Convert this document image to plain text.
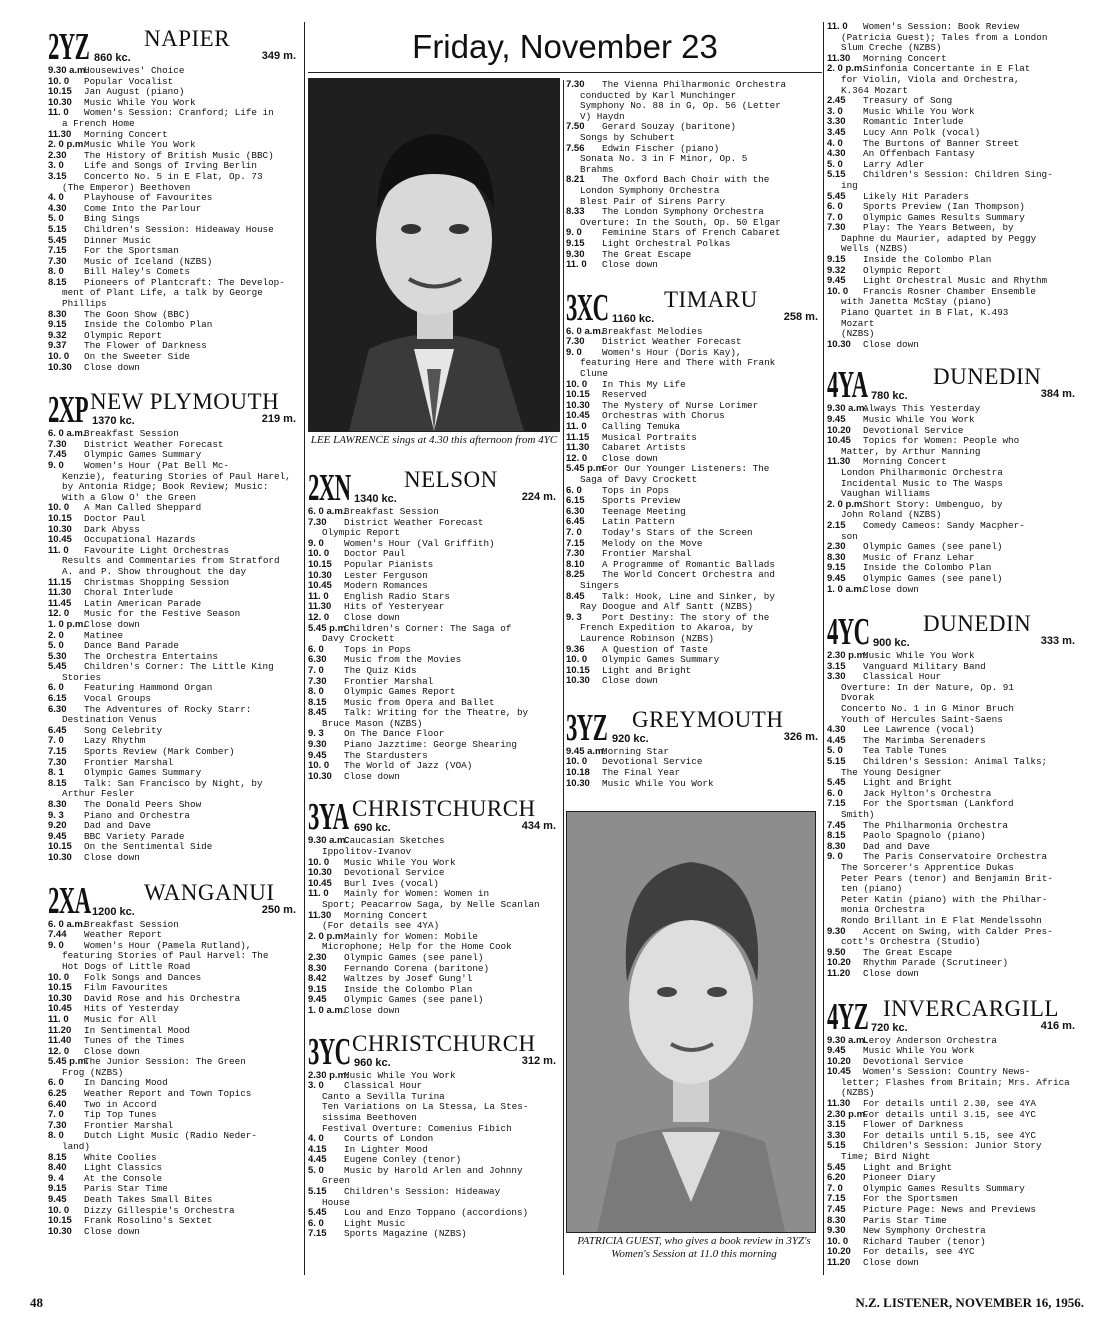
2YZ 860 kc.
NAPIER
349 m.
9.30 a.m.Housewives' Choice
10. 0 Popular Vocalist
10.15 Jan August (piano)
10.30 Music While You Work
11. 0 Women's Session: Cranford; Life in
a French Home
11.30 Morning Concert
2. 0 p.m.Music While You Work
2.30 The History of British Music (BBC)
3. 0 Life and Songs of Irving Berlin
3.15 Concerto No. 5 in E Flat, Op. 73
(The Emperor) Beethoven
4. 0 Playhouse of Favourites
4.30 Come Into the Parlour
5. 0 Bing Sings
5.15 Children's Session: Hideaway House
5.45 Dinner Music
7.15 For the Sportsman
7.30 Music of Iceland (NZBS)
8. 0 Bill Haley's Comets
8.15 Pioneers of Plantcraft: The Develop-
ment of Plant Life, a talk by George
Phillips
8.30 The Goon Show (BBC)
9.15 Inside the Colombo Plan
9.32 Olympic Report
9.37 The Flower of Darkness
10. 0 On the Sweeter Side
10.30 Close down
2XP 1370 kc.
NEW PLYMOUTH
219 m.
6. 0 a.m.Breakfast Session
7.30 District Weather Forecast
7.45 Olympic Games Summary
9. 0 Women's Hour (Pat Bell Mc-
Kenzie), featuring Stories of Paul Harel,
by Antonia Ridge; Book Review; Music:
With a Glow O' the Green
10. 0 A Man Called Sheppard
10.15 Doctor Paul
10.30 Dark Abyss
10.45 Occupational Hazards
11. 0 Favourite Light Orchestras
Results and Commentaries from Stratford
A. and P. Show throughout the day
11.15 Christmas Shopping Session
11.30 Choral Interlude
11.45 Latin American Parade
12. 0 Music for the Festive Season
1. 0 p.m.Close down
2. 0 Matinee
5. 0 Dance Band Parade
5.30 The Orchestra Entertains
5.45 Children's Corner: The Little King
Stories
6. 0 Featuring Hammond Organ
6.15 Vocal Groups
6.30 The Adventures of Rocky Starr:
Destination Venus
6.45 Song Celebrity
7. 0 Lazy Rhythm
7.15 Sports Review (Mark Comber)
7.30 Frontier Marshal
8. 1 Olympic Games Summary
8.15 Talk: San Francisco by Night, by
Arthur Fesler
8.30 The Donald Peers Show
9. 3 Piano and Orchestra
9.20 Dad and Dave
9.45 BBC Variety Parade
10.15 On the Sentimental Side
10.30 Close down
2XA 1200 kc.
WANGANUI
250 m.
6. 0 a.m.Breakfast Session
7.44 Weather Report
9. 0 Women's Hour (Pamela Rutland),
featuring Stories of Paul Harvel: The
Hot Dogs of Little Road
10. 0 Folk Songs and Dances
10.15 Film Favourites
10.30 David Rose and his Orchestra
10.45 Hits of Yesterday
11. 0 Music for All
11.20 In Sentimental Mood
11.40 Tunes of the Times
12. 0 Close down
5.45 p.m.The Junior Session: The Green
Frog (NZBS)
6. 0 In Dancing Mood
6.25 Weather Report and Town Topics
6.40 Two in Accord
7. 0 Tip Top Tunes
7.30 Frontier Marshal
8. 0 Dutch Light Music (Radio Neder-
land)
8.15 White Coolies
8.40 Light Classics
9. 4 At the Console
9.15 Paris Star Time
9.45 Death Takes Small Bites
10. 0 Dizzy Gillespie's Orchestra
10.15 Frank Rosolino's Sextet
10.30 Close down
LEE LAWRENCE sings at 4.30 this afternoon from 4YC
2XN 1340 kc.
NELSON
224 m.
6. 0 a.m.Breakfast Session
7.30 District Weather Forecast
Olympic Report
9. 0 Women's Hour (Val Griffith)
10. 0 Doctor Paul
10.15 Popular Pianists
10.30 Lester Ferguson
10.45 Modern Romances
11. 0 English Radio Stars
11.30 Hits of Yesteryear
12. 0 Close down
5.45 p.m.Children's Corner: The Saga of
Davy Crockett
6. 0 Tops in Pops
6.30 Music from the Movies
7. 0 The Quiz Kids
7.30 Frontier Marshal
8. 0 Olympic Games Report
8.15 Music from Opera and Ballet
8.45 Talk: Writing for the Theatre, by
Bruce Mason (NZBS)
9. 3 On The Dance Floor
9.30 Piano Jazztime: George Shearing
9.45 The Stardusters
10. 0 The World of Jazz (VOA)
10.30 Close down
3YA 690 kc.
CHRISTCHURCH
434 m.
9.30 a.m.Caucasian Sketches
Ippolitov-Ivanov
10. 0 Music While You Work
10.30 Devotional Service
10.45 Burl Ives (vocal)
11. 0 Mainly for Women: Women in
Sport; Peacarrow Saga, by Nelle Scanlan
11.30 Morning Concert
(For details see 4YA)
2. 0 p.m.Mainly for Women: Mobile
Microphone; Help for the Home Cook
2.30 Olympic Games (see panel)
8.30 Fernando Corena (baritone)
8.42 Waltzes by Josef Gung'l
9.15 Inside the Colombo Plan
9.45 Olympic Games (see panel)
1. 0 a.m.Close down
3YC 960 kc.
CHRISTCHURCH
312 m.
2.30 p.m.Music While You Work
3. 0 Classical Hour
Canto a Sevilla Turina
Ten Variations on La Stessa, La Stes-
sissima Beethoven
Festival Overture: Comenius Fibich
4. 0 Courts of London
4.15 In Lighter Mood
4.45 Eugene Conley (tenor)
5. 0 Music by Harold Arlen and Johnny
Green
5.15 Children's Session: Hideaway
House
5.45 Lou and Enzo Toppano (accordions)
6. 0 Light Music
7.15 Sports Magazine (NZBS)
Friday, November 23
7.30 The Vienna Philharmonic Orchestra
conducted by Karl Munchinger
Symphony No. 88 in G, Op. 56 (Letter
V) Haydn
7.50 Gerard Souzay (baritone)
Songs by Schubert
7.56 Edwin Fischer (piano)
Sonata No. 3 in F Minor, Op. 5
Brahms
8.21 The Oxford Bach Choir with the
London Symphony Orchestra
Blest Pair of Sirens Parry
8.33 The London Symphony Orchestra
Overture: In the South, Op. 50 Elgar
9. 0 Feminine Stars of French Cabaret
9.15 Light Orchestral Polkas
9.30 The Great Escape
11. 0 Close down
3XC 1160 kc.
TIMARU
258 m.
6. 0 a.m.Breakfast Melodies
7.30 District Weather Forecast
9. 0 Women's Hour (Doris Kay),
featuring Here and There with Frank
Clune
10. 0 In This My Life
10.15 Reserved
10.30 The Mystery of Nurse Lorimer
10.45 Orchestras with Chorus
11. 0 Calling Temuka
11.15 Musical Portraits
11.30 Cabaret Artists
12. 0 Close down
5.45 p.m.For Our Younger Listeners: The
Saga of Davy Crockett
6. 0 Tops in Pops
6.15 Sports Preview
6.30 Teenage Meeting
6.45 Latin Pattern
7. 0 Today's Stars of the Screen
7.15 Melody on the Move
7.30 Frontier Marshal
8.10 A Programme of Romantic Ballads
8.25 The World Concert Orchestra and
Singers
8.45 Talk: Hook, Line and Sinker, by
Ray Doogue and Alf Santt (NZBS)
9. 3 Port Destiny: The story of the
French Expedition to Akaroa, by
Laurence Robinson (NZBS)
9.36 A Question of Taste
10. 0 Olympic Games Summary
10.15 Light and Bright
10.30 Close down
3YZ 920 kc.
GREYMOUTH
326 m.
9.45 a.m.Morning Star
10. 0 Devotional Service
10.18 The Final Year
10.30 Music While You Work
PATRICIA GUEST, who gives a book review in 3YZ's Women's Session at 11.0 this morning
11. 0 Women's Session: Book Review
(Patricia Guest); Tales from a London
Slum Creche (NZBS)
11.30 Morning Concert
2. 0 p.m.Sinfonia Concertante in E Flat
for Violin, Viola and Orchestra,
K.364 Mozart
2.45 Treasury of Song
3. 0 Music While You Work
3.30 Romantic Interlude
3.45 Lucy Ann Polk (vocal)
4. 0 The Burtons of Banner Street
4.30 An Offenbach Fantasy
5. 0 Larry Adler
5.15 Children's Session: Children Sing-
ing
5.45 Likely Hit Paraders
6. 0 Sports Preview (Ian Thompson)
7. 0 Olympic Games Results Summary
7.30 Play: The Years Between, by
Daphne du Maurier, adapted by Peggy
Wells (NZBS)
9.15 Inside the Colombo Plan
9.32 Olympic Report
9.45 Light Orchestral Music and Rhythm
10. 0 Francis Rosner Chamber Ensemble
with Janetta McStay (piano)
Piano Quartet in B Flat, K.493
Mozart
(NZBS)
10.30 Close down
4YA 780 kc.
DUNEDIN
384 m.
9.30 a.m.Always This Yesterday
9.45 Music While You Work
10.20 Devotional Service
10.45 Topics for Women: People who
Matter, by Arthur Manning
11.30 Morning Concert
London Philharmonic Orchestra
Incidental Music to The Wasps
Vaughan Williams
2. 0 p.m.Short Story: Umbenguo, by
John Roland (NZBS)
2.15 Comedy Cameos: Sandy Macpher-
son
2.30 Olympic Games (see panel)
8.30 Music of Franz Lehar
9.15 Inside the Colombo Plan
9.45 Olympic Games (see panel)
1. 0 a.m.Close down
4YC 900 kc.
DUNEDIN
333 m.
2.30 p.m.Music While You Work
3.15 Vanguard Military Band
3.30 Classical Hour
Overture: In der Nature, Op. 91
Dvorak
Concerto No. 1 in G Minor Bruch
Youth of Hercules Saint-Saens
4.30 Lee Lawrence (vocal)
4.45 The Marimba Serenaders
5. 0 Tea Table Tunes
5.15 Children's Session: Animal Talks;
The Young Designer
5.45 Light and Bright
6. 0 Jack Hylton's Orchestra
7.15 For the Sportsman (Lankford
Smith)
7.45 The Philharmonia Orchestra
8.15 Paolo Spagnolo (piano)
8.30 Dad and Dave
9. 0 The Paris Conservatoire Orchestra
The Sorcerer's Apprentice Dukas
Peter Pears (tenor) and Benjamin Brit-
ten (piano)
Peter Katin (piano) with the Philhar-
monia Orchestra
Rondo Brillant in E Flat Mendelssohn
9.30 Accent on Swing, with Calder Pres-
cott's Orchestra (Studio)
9.50 The Great Escape
10.20 Rhythm Parade (Scrutineer)
11.20 Close down
4YZ 720 kc.
INVERCARGILL
416 m.
9.30 a.m.Leroy Anderson Orchestra
9.45 Music While You Work
10.20 Devotional Service
10.45 Women's Session: Country News-
letter; Flashes from Britain; Mrs. Africa
(NZBS)
11.30 For details until 2.30, see 4YA
2.30 p.m.For details until 3.15, see 4YC
3.15 Flower of Darkness
3.30 For details until 5.15, see 4YC
5.15 Children's Session: Junior Story
Time; Bird Night
5.45 Light and Bright
6.20 Pioneer Diary
7. 0 Olympic Games Results Summary
7.15 For the Sportsmen
7.45 Picture Page: News and Previews
8.30 Paris Star Time
9.30 New Symphony Orchestra
10. 0 Richard Tauber (tenor)
10.20 For details, see 4YC
11.20 Close down
48	N.Z. LISTENER, NOVEMBER 16, 1956.
